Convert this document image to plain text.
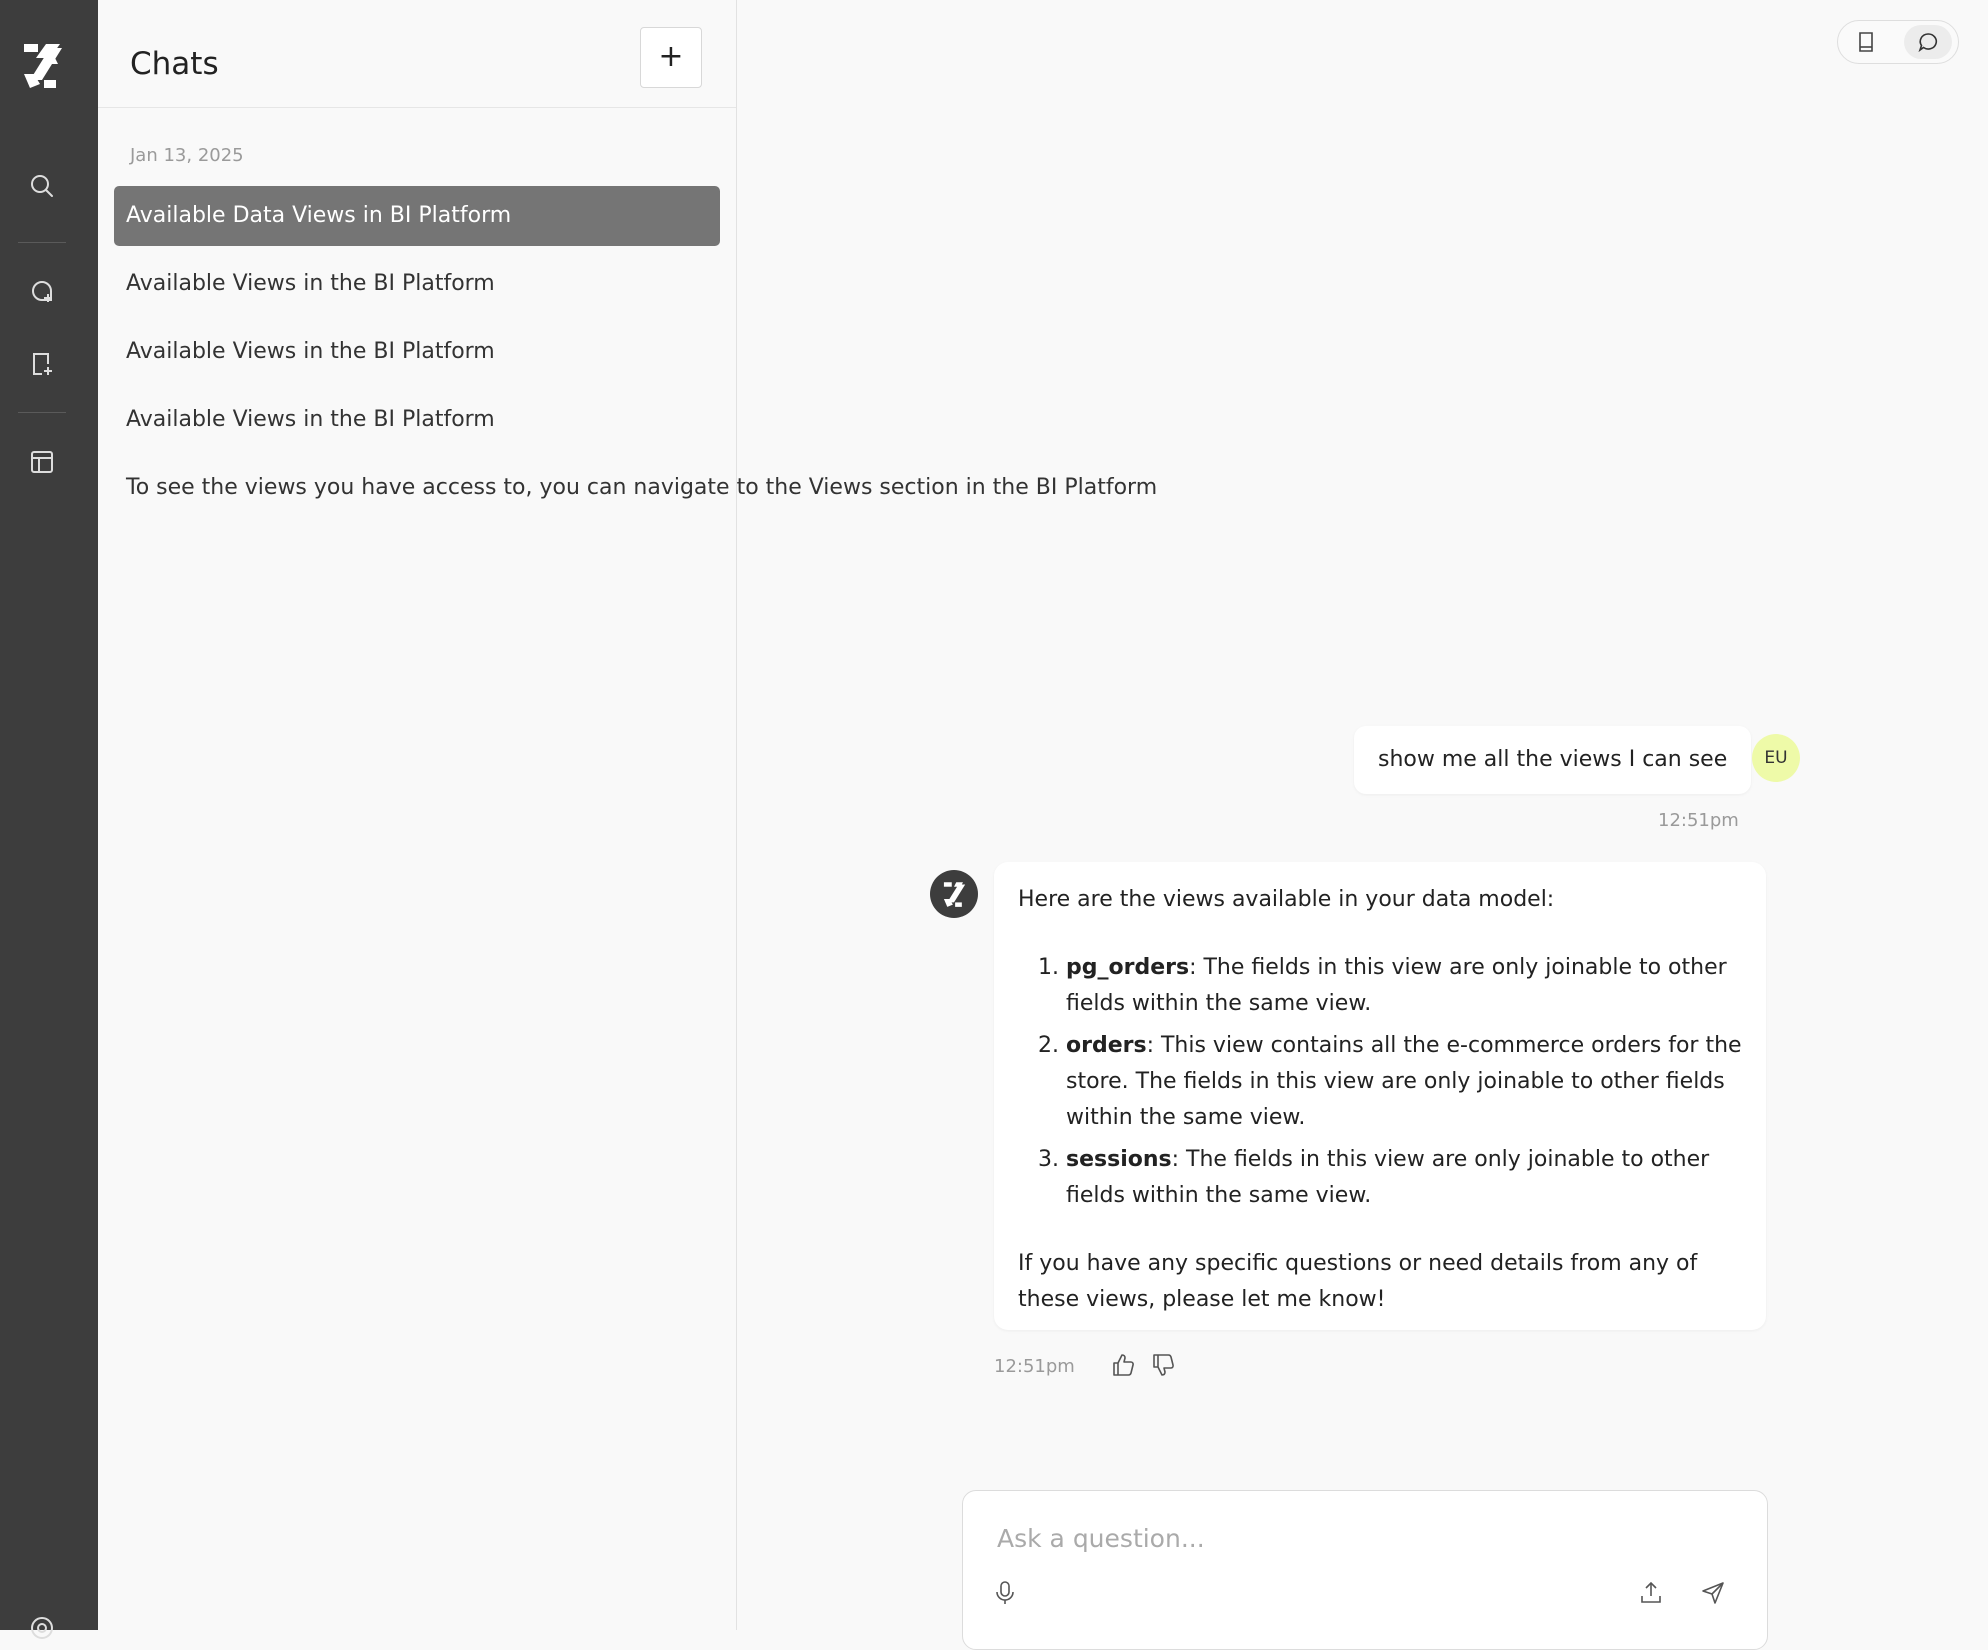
Chats	+
Jan 13, 2025
Available Data Views in BI Platform
Available Views in the BI Platform
Available Views in the BI Platform
Available Views in the BI Platform
To see the views you have access to, you can navigate to the Views section in the BI Platform
show me all the views I can see	EU
12:51pm

Here are the views available in your data model:

1. pg_orders: The fields in this view are only joinable to other fields within the same view.
2. orders: This view contains all the e-commerce orders for the store. The fields in this view are only joinable to other fields within the same view.
3. sessions: The fields in this view are only joinable to other fields within the same view.

If you have any specific questions or need details from any of these views, please let me know!

12:51pm
Ask a question...
